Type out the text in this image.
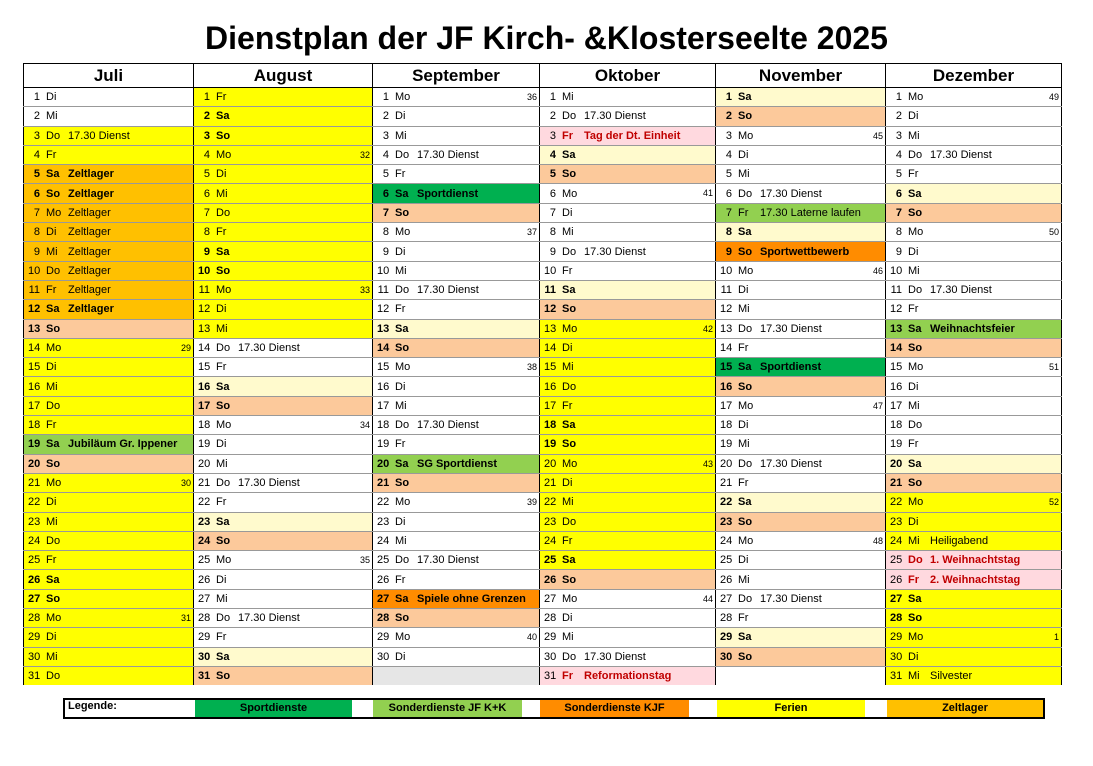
Dienstplan der JF Kirch- &Klosterseelte 2025
Juli	August	September	Oktober	November	Dezember
1 Di	1 Fr	1 Mo 36	1 Mi	1 Sa	1 Mo 49

2 Mi	2 Sa	2 Di	2 Do 17.30 Dienst	2 So	2 Di
3 Do 17.30 Dienst	3 So	3 Mi	3 Fr Tag der Dt. Einheit	3 Mo 45	3 Mi
4 Fr	4 Mo 32	4 Do 17.30 Dienst	4 Sa	4 Di	4 Do 17.30 Dienst
5 Sa Zeltlager	5 Di	5 Fr	5 So	5 Mi	5 Fr
6 So Zeltlager	6 Mi	6 Sa Sportdienst	6 Mo 41	6 Do 17.30 Dienst	6 Sa
7 Mo Zeltlager	7 Do	7 So	7 Di	7 Fr 17.30 Laterne laufen	7 So
8 Di Zeltlager	8 Fr	8 Mo 37	8 Mi	8 Sa	8 Mo 50

9 Mi Zeltlager	9 Sa	9 Di	9 Do 17.30 Dienst	9 So Sportwettbewerb	9 Di
10 Do Zeltlager	10 So	10 Mi	10 Fr	10 Mo 46	10 Mi
11 Fr Zeltlager	11 Mo 33	11 Do 17.30 Dienst	11 Sa	11 Di	11 Do 17.30 Dienst
12 Sa Zeltlager	12 Di	12 Fr	12 So	12 Mi	12 Fr
13 So	13 Mi	13 Sa	13 Mo 42	13 Do 17.30 Dienst	13 Sa Weihnachtsfeier
14 Mo 29	14 Do 17.30 Dienst	14 So	14 Di	14 Fr	14 So
15 Di	15 Fr	15 Mo 38	15 Mi	15 Sa Sportdienst	15 Mo 51

16 Mi	16 Sa	16 Di	16 Do	16 So	16 Di
17 Do	17 So	17 Mi	17 Fr	17 Mo 47	17 Mi
18 Fr	18 Mo 34	18 Do 17.30 Dienst	18 Sa	18 Di	18 Do
19 Sa Jubiläum Gr. Ippener	19 Di	19 Fr	19 So	19 Mi	19 Fr
20 So	20 Mi	20 Sa SG Sportdienst	20 Mo 43	20 Do 17.30 Dienst	20 Sa
21 Mo 30	21 Do 17.30 Dienst	21 So	21 Di	21 Fr	21 So
22 Di	22 Fr	22 Mo 39	22 Mi	22 Sa	22 Mo 52

23 Mi	23 Sa	23 Di	23 Do	23 So	23 Di
24 Do	24 So	24 Mi	24 Fr	24 Mo 48	24 Mi Heiligabend
25 Fr	25 Mo 35	25 Do 17.30 Dienst	25 Sa	25 Di	25 Do 1. Weihnachtstag
26 Sa	26 Di	26 Fr	26 So	26 Mi	26 Fr 2. Weihnachtstag
27 So	27 Mi	27 Sa Spiele ohne Grenzen	27 Mo 44	27 Do 17.30 Dienst	27 Sa
28 Mo 31	28 Do 17.30 Dienst	28 So	28 Di	28 Fr	28 So
29 Di	29 Fr	29 Mo 40	29 Mi	29 Sa	29 Mo 1

30 Mi	30 Sa	30 Di	30 Do 17.30 Dienst	30 So	30 Di
31 Do	31 So		31 Fr Reformationstag		31 Mi Silvester
Legende:	Sportdienste	Sonderdienste JF K+K	Sonderdienste KJF	Ferien	Zeltlager
